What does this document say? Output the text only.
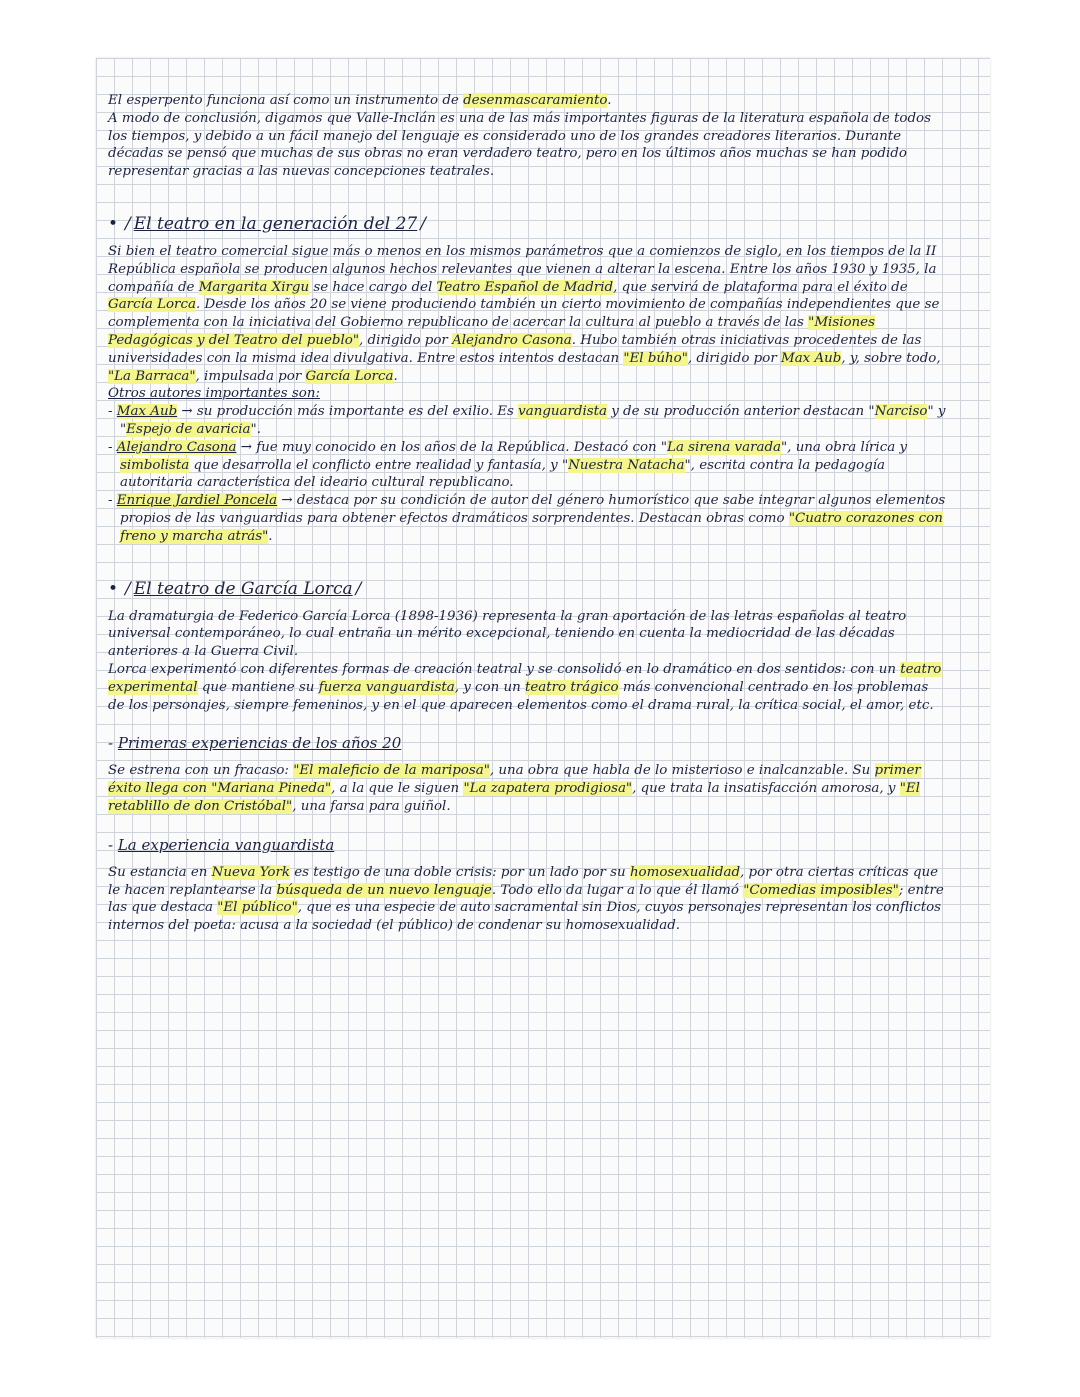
El esperpento funciona así como un instrumento de desenmascaramiento.

A modo de conclusión, digamos que Valle-Inclán es una de las más importantes figuras de la literatura española de todos los tiempos, y debido a un fácil manejo del lenguaje es considerado uno de los grandes creadores literarios. Durante décadas se pensó que muchas de sus obras no eran verdadero teatro, pero en los últimos años muchas se han podido representar gracias a las nuevas concepciones teatrales.

• / El teatro en la generación del 27 /

Si bien el teatro comercial sigue más o menos en los mismos parámetros que a comienzos de siglo, en los tiempos de la II República española se producen algunos hechos relevantes que vienen a alterar la escena. Entre los años 1930 y 1935, la compañía de Margarita Xirgu se hace cargo del Teatro Español de Madrid, que servirá de plataforma para el éxito de García Lorca. Desde los años 20 se viene produciendo también un cierto movimiento de compañías independientes que se complementa con la iniciativa del Gobierno republicano de acercar la cultura al pueblo a través de las "Misiones Pedagógicas y del Teatro del pueblo", dirigido por Alejandro Casona. Hubo también otras iniciativas procedentes de las universidades con la misma idea divulgativa. Entre estos intentos destacan "El búho", dirigido por Max Aub, y, sobre todo, "La Barraca", impulsada por García Lorca.

Otros autores importantes son:

- Max Aub → su producción más importante es del exilio. Es vanguardista y de su producción anterior destacan "Narciso" y "Espejo de avaricia".

- Alejandro Casona → fue muy conocido en los años de la República. Destacó con "La sirena varada", una obra lírica y simbolista que desarrolla el conflicto entre realidad y fantasía, y "Nuestra Natacha", escrita contra la pedagogía autoritaria característica del ideario cultural republicano.

- Enrique Jardiel Poncela → destaca por su condición de autor del género humorístico que sabe integrar algunos elementos propios de las vanguardias para obtener efectos dramáticos sorprendentes. Destacan obras como "Cuatro corazones con freno y marcha atrás".

• / El teatro de García Lorca /

La dramaturgia de Federico García Lorca (1898-1936) representa la gran aportación de las letras españolas al teatro universal contemporáneo, lo cual entraña un mérito excepcional, teniendo en cuenta la mediocridad de las décadas anteriores a la Guerra Civil.

Lorca experimentó con diferentes formas de creación teatral y se consolidó en lo dramático en dos sentidos: con un teatro experimental que mantiene su fuerza vanguardista, y con un teatro trágico más convencional centrado en los problemas de los personajes, siempre femeninos, y en el que aparecen elementos como el drama rural, la crítica social, el amor, etc.

- Primeras experiencias de los años 20

Se estrena con un fracaso: "El maleficio de la mariposa", una obra que habla de lo misterioso e inalcanzable. Su primer éxito llega con "Mariana Pineda", a la que le siguen "La zapatera prodigiosa", que trata la insatisfacción amorosa, y "El retablillo de don Cristóbal", una farsa para guiñol.

- La experiencia vanguardista

Su estancia en Nueva York es testigo de una doble crisis: por un lado por su homosexualidad, por otra ciertas críticas que le hacen replantearse la búsqueda de un nuevo lenguaje. Todo ello da lugar a lo que él llamó "Comedias imposibles"; entre las que destaca "El público", que es una especie de auto sacramental sin Dios, cuyos personajes representan los conflictos internos del poeta: acusa a la sociedad (el público) de condenar su homosexualidad.
